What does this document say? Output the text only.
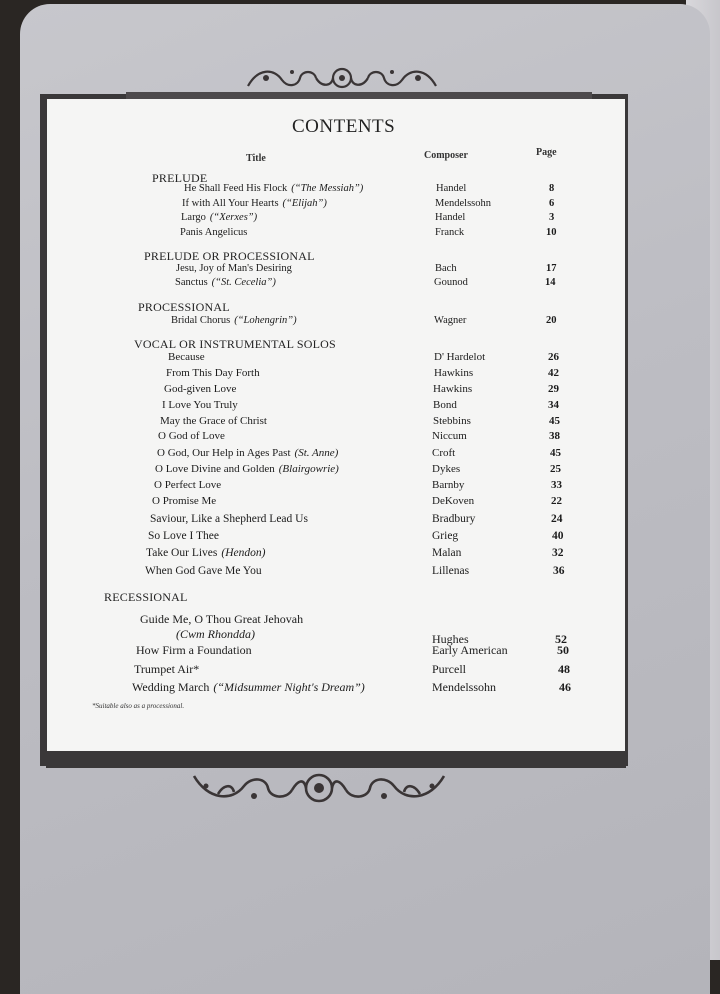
CONTENTS
Title	Composer	Page
PRELUDE
He Shall Feed His Flock (“The Messiah”)	Handel	8
If with All Your Hearts (“Elijah”)	Mendelssohn	6
Largo (“Xerxes”)	Handel	3
Panis Angelicus	Franck	10
PRELUDE OR PROCESSIONAL
Jesu, Joy of Man's Desiring	Bach	17
Sanctus (“St. Cecelia”)	Gounod	14
PROCESSIONAL
Bridal Chorus (“Lohengrin”)	Wagner	20
VOCAL OR INSTRUMENTAL SOLOS
Because	D' Hardelot	26
From This Day Forth	Hawkins	42
God-given Love	Hawkins	29
I Love You Truly	Bond	34
May the Grace of Christ	Stebbins	45
O God of Love	Niccum	38
O God, Our Help in Ages Past (St. Anne)	Croft	45
O Love Divine and Golden (Blairgowrie)	Dykes	25
O Perfect Love	Barnby	33
O Promise Me	DeKoven	22
Saviour, Like a Shepherd Lead Us	Bradbury	24
So Love I Thee	Grieg	40
Take Our Lives (Hendon)	Malan	32
When God Gave Me You	Lillenas	36
RECESSIONAL
Guide Me, O Thou Great Jehovah
(Cwm Rhondda)	Hughes	52
How Firm a Foundation	Early American	50
Trumpet Air*	Purcell	48
Wedding March (“Midsummer Night's Dream”)	Mendelssohn	46
*Suitable also as a processional.
